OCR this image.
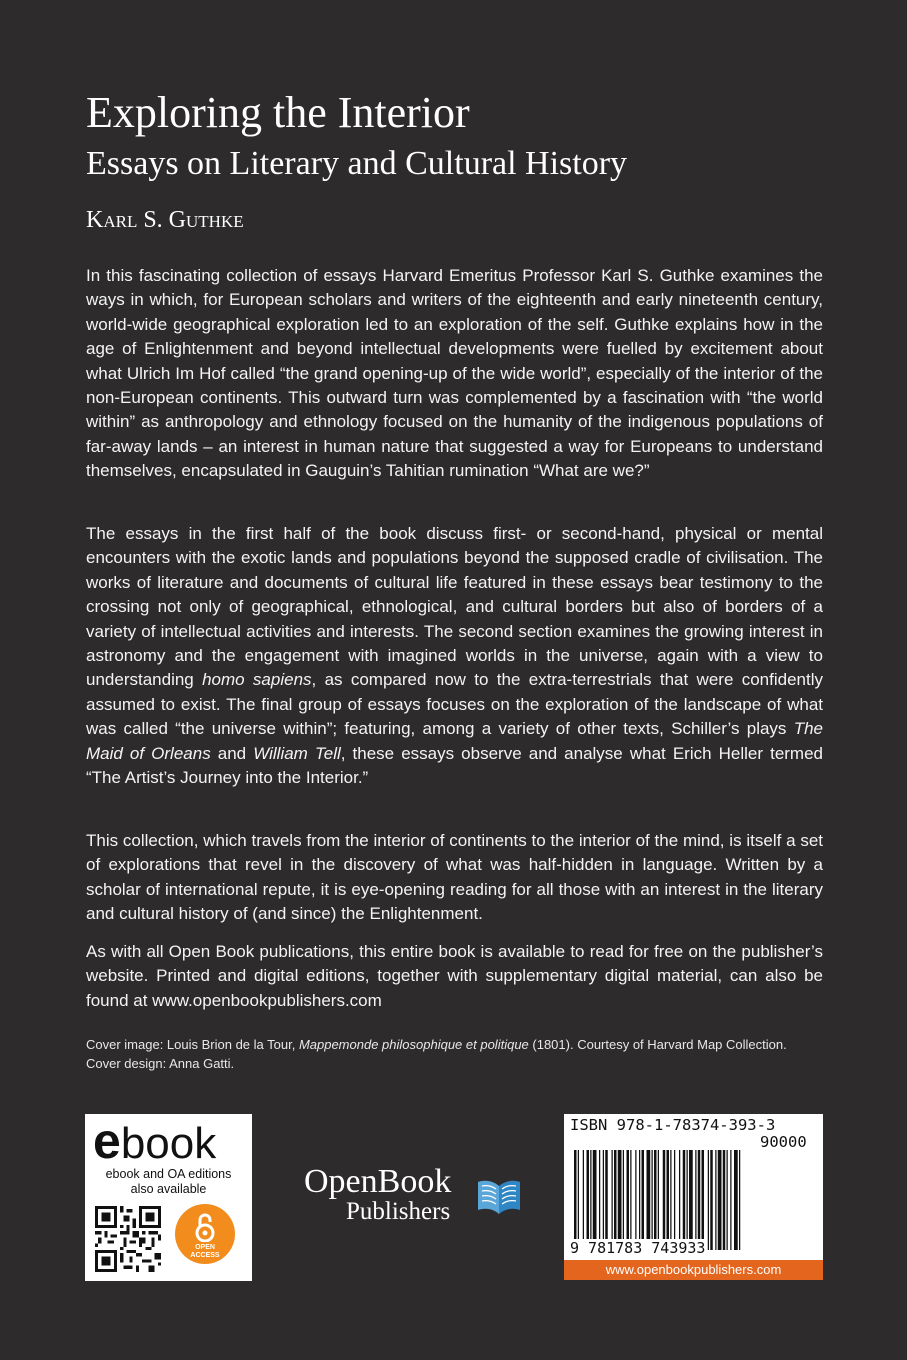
Exploring the Interior
Essays on Literary and Cultural History
Karl S. Guthke

In this fascinating collection of essays Harvard Emeritus Professor Karl S. Guthke examines the ways in which, for European scholars and writers of the eighteenth and early nineteenth century, world-wide geographical exploration led to an exploration of the self. Guthke explains how in the age of Enlightenment and beyond intellectual developments were fuelled by excitement about what Ulrich Im Hof called “the grand opening-up of the wide world”, especially of the interior of the non-European continents. This outward turn was complemented by a fascination with “the world within” as anthropology and ethnology focused on the humanity of the indigenous populations of far-away lands – an interest in human nature that suggested a way for Europeans to understand themselves, encapsulated in Gauguin’s Tahitian rumination “What are we?”

The essays in the first half of the book discuss first- or second-hand, physical or mental encounters with the exotic lands and populations beyond the supposed cradle of civilisation. The works of literature and documents of cultural life featured in these essays bear testimony to the crossing not only of geographical, ethnological, and cultural borders but also of borders of a variety of intellectual activities and interests. The second section examines the growing interest in astronomy and the engagement with imagined worlds in the universe, again with a view to understanding homo sapiens, as compared now to the extra-terrestrials that were confidently assumed to exist. The final group of essays focuses on the exploration of the landscape of what was called “the universe within”; featuring, among a variety of other texts, Schiller’s plays The Maid of Orleans and William Tell, these essays observe and analyse what Erich Heller termed “The Artist’s Journey into the Interior.”

This collection, which travels from the interior of continents to the interior of the mind, is itself a set of explorations that revel in the discovery of what was half-hidden in language. Written by a scholar of international repute, it is eye-opening reading for all those with an interest in the literary and cultural history of (and since) the Enlightenment.

As with all Open Book publications, this entire book is available to read for free on the publisher’s website. Printed and digital editions, together with supplementary digital material, can also be found at www.openbookpublishers.com

Cover image: Louis Brion de la Tour, Mappemonde philosophique et politique (1801). Courtesy of Harvard Map Collection. Cover design: Anna Gatti.
ebook
ebook and OA editions
also available
OPEN
ACCESS
OpenBook
Publishers
ISBN 978-1-78374-393-3
90000
9 781783 743933
www.openbookpublishers.com
